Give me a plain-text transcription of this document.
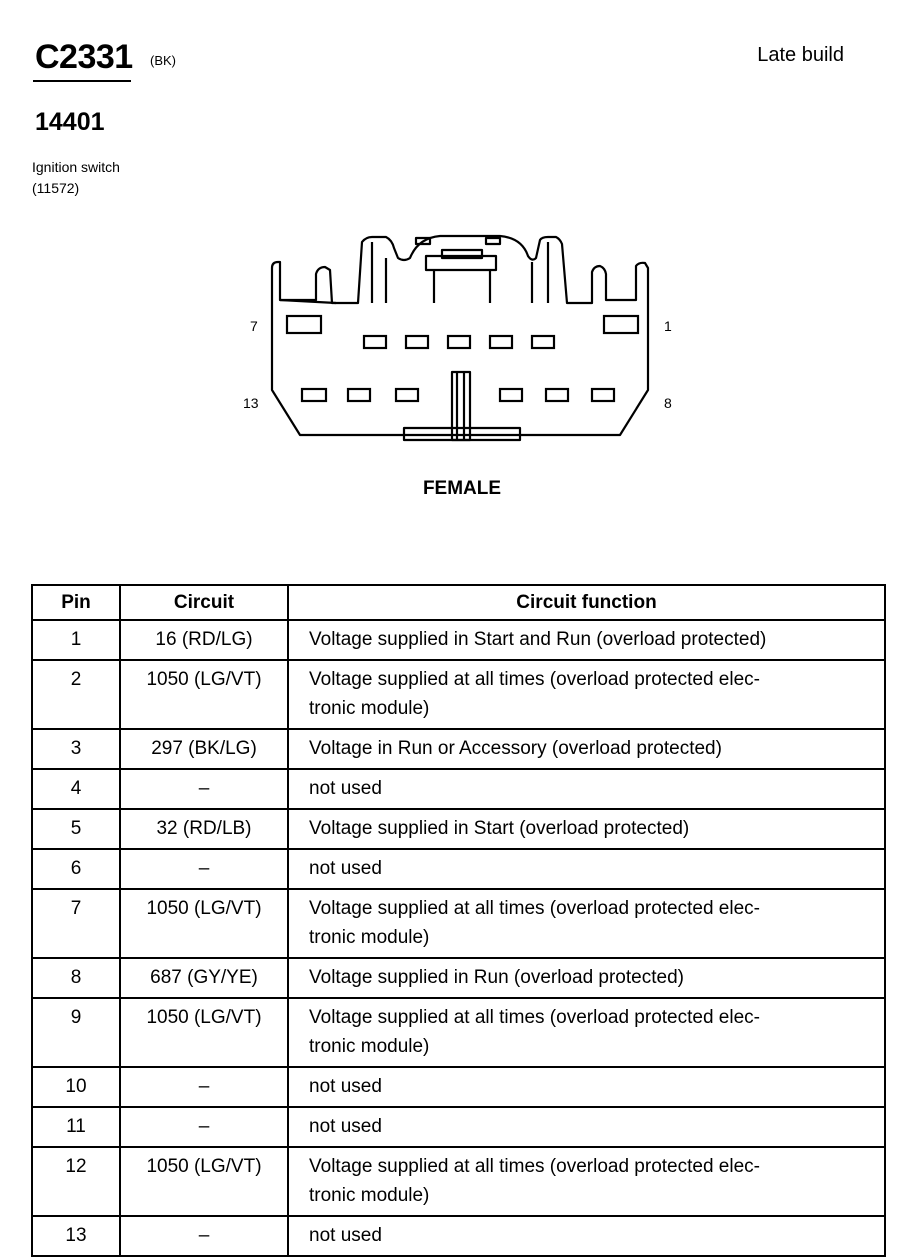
C2331 (BK)	Late build
14401
Ignition switch
(11572)
7	1
13	8
FEMALE
Pin	Circuit	Circuit function
1	16 (RD/LG)	Voltage supplied in Start and Run (overload protected)

2	1050 (LG/VT)	Voltage supplied at all times (overload protected elec-
tronic module)

3	297 (BK/LG)	Voltage in Run or Accessory (overload protected)

4	–	not used

5	32 (RD/LB)	Voltage supplied in Start (overload protected)

6	–	not used

7	1050 (LG/VT)	Voltage supplied at all times (overload protected elec-
tronic module)

8	687 (GY/YE)	Voltage supplied in Run (overload protected)

9	1050 (LG/VT)	Voltage supplied at all times (overload protected elec-
tronic module)

10	–	not used

11	–	not used

12	1050 (LG/VT)	Voltage supplied at all times (overload protected elec-
tronic module)

13	–	not used
